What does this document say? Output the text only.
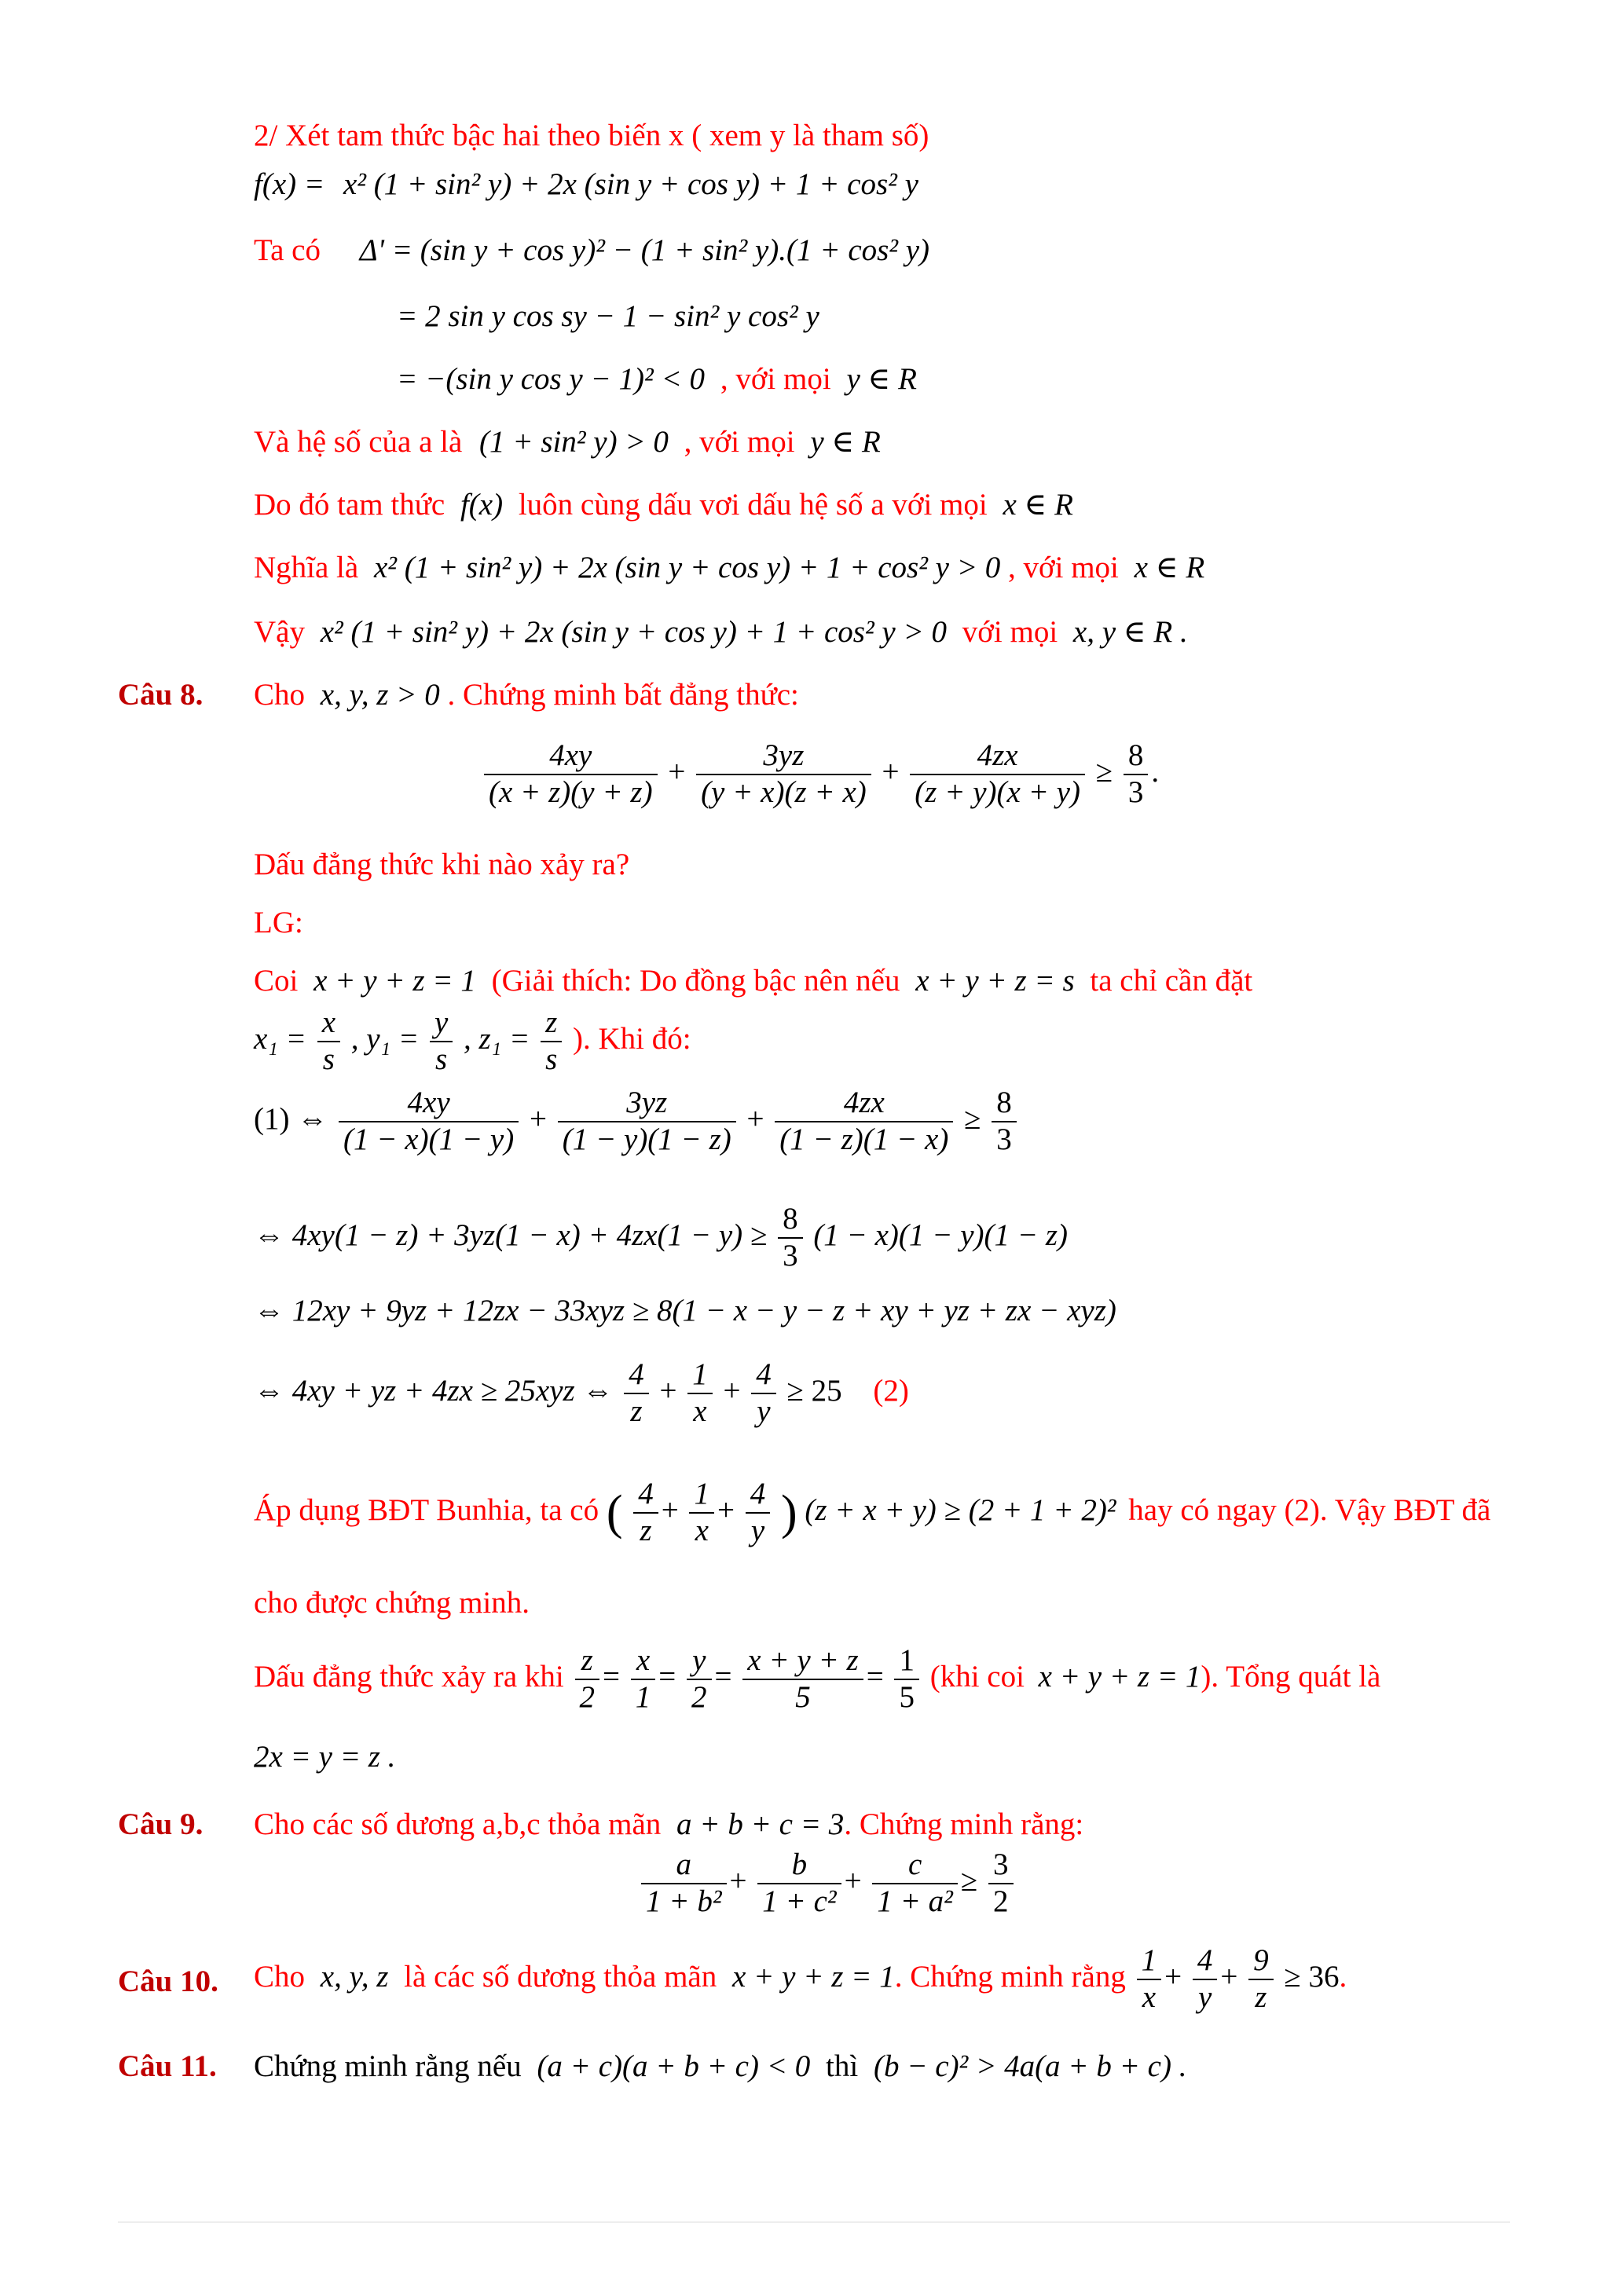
2/ Xét tam thức bậc hai theo biến x ( xem y là tham số)
f(x) = x² (1 + sin² y) + 2x (sin y + cos y) + 1 + cos² y
Ta có Δ' = (sin y + cos y)² − (1 + sin² y).(1 + cos² y)
= 2 sin y cos sy − 1 − sin² y cos² y
= −(sin y cos y − 1)² < 0 , với mọi y ∈ R
Và hệ số của a là (1 + sin² y) > 0 , với mọi y ∈ R
Do đó tam thức f(x) luôn cùng dấu vơi dấu hệ số a với mọi x ∈ R
Nghĩa là x² (1 + sin² y) + 2x (sin y + cos y) + 1 + cos² y > 0 , với mọi x ∈ R
Vậy x² (1 + sin² y) + 2x (sin y + cos y) + 1 + cos² y > 0 với mọi x, y ∈ R .
Câu 8. Cho x, y, z > 0 . Chứng minh bất đẳng thức:
$\frac{4xy}{(x + z)(y + z)} + \frac{3yz}{(y + x)(z + x)} + \frac{4zx}{(z + y)(x + y)} \ge \frac{8}{3}$ .
Dấu đẳng thức khi nào xảy ra?
LG:
Coi x + y + z = 1 (Giải thích: Do đồng bậc nên nếu x + y + z = s ta chỉ cần đặt
$x_1 = \frac{x}{s}$ , $y_1 = \frac{y}{s}$ , $z_1 = \frac{z}{s}$ ). Khi đó:
(1) ⇔ $\frac{4xy}{(1 - x)(1 - y)} + \frac{3yz}{(1 - y)(1 - z)} + \frac{4zx}{(1 - z)(1 - x)} \ge \frac{8}{3}$
⇔ $4xy(1 - z) + 3yz(1 - x) + 4zx(1 - y) \ge \frac{8}{3} (1 - x)(1 - y)(1 - z)$
⇔ 12xy + 9yz + 12zx − 33xyz ≥ 8(1 − x − y − z + xy + yz + zx − xyz)
⇔ 4xy + yz + 4zx ≥ 25xyz ⇔ $\frac{4}{z} + \frac{1}{x} + \frac{4}{y} \ge 25$ (2)
Áp dụng BĐT Bunhia, ta có ( $\frac{4}{z} + \frac{1}{x} + \frac{4}{y}$ ) (z + x + y) ≥ (2 + 1 + 2)² hay có ngay (2). Vậy BĐT đã
cho được chứng minh.
Dấu đẳng thức xảy ra khi $\frac{z}{2} = \frac{x}{1} = \frac{y}{2} = \frac{x + y + z}{5} = \frac{1}{5} (khi$ coi x + y + z = 1). Tổng quát là
2x = y = z .
Câu 9. Cho các số dương a,b,c thỏa mãn a + b + c = 3. Chứng minh rằng:
$\frac{a}{\text{1 + b²}} + \frac{b}{\text{1 + c²}} + \frac{c}{\text{1 + a²}} \ge \frac{3}{2}$
Câu 10. Cho x, y, z là các số dương thỏa mãn x + y + z = 1. Chứng minh rằng $\frac{1}{x} + \frac{4}{y} + \frac{9}{z} \ge 36$.
Câu 11. Chứng minh rằng nếu (a + c)(a + b + c) < 0 thì (b − c)² > 4a(a + b + c) .
